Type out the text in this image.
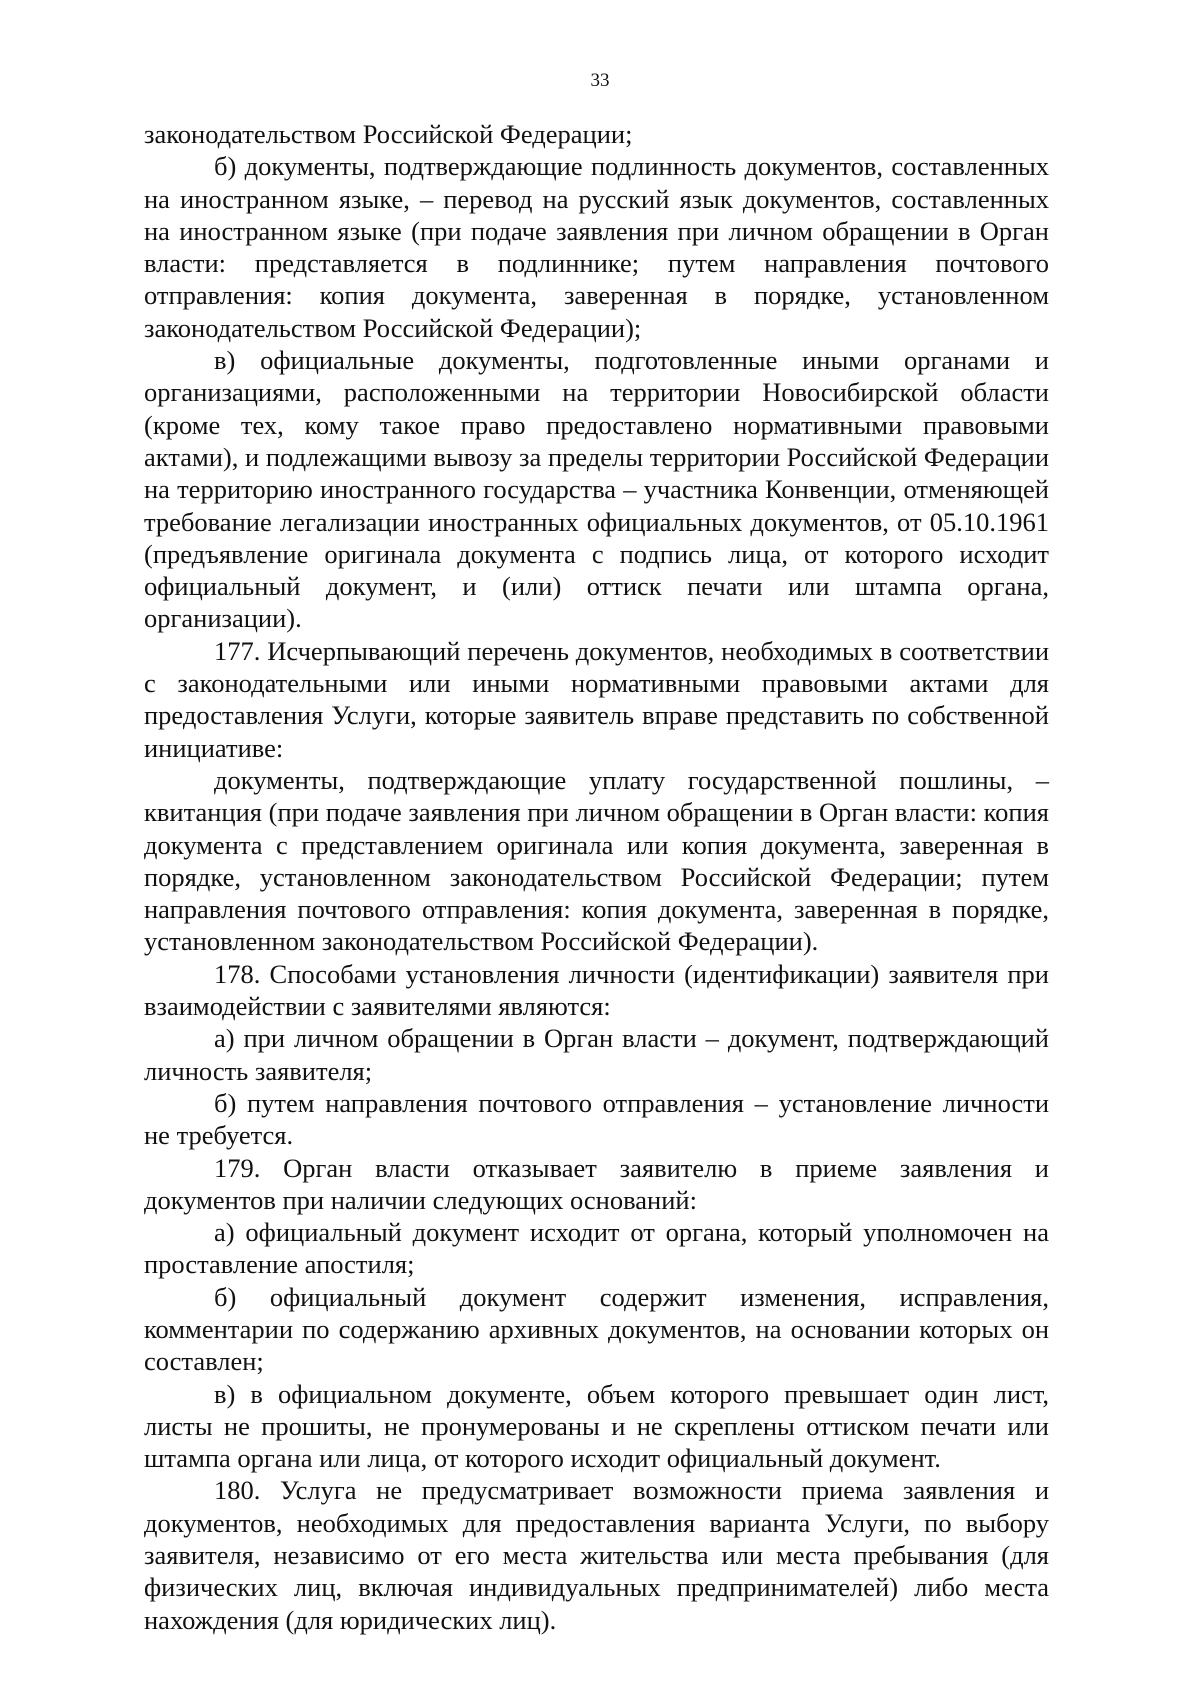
33

законодательством Российской Федерации;

б) документы, подтверждающие подлинность документов, составленных на иностранном языке, – перевод на русский язык документов, составленных на иностранном языке (при подаче заявления при личном обращении в Орган власти: представляется в подлиннике; путем направления почтового отправления: копия документа, заверенная в порядке, установленном законодательством Российской Федерации);

в) официальные документы, подготовленные иными органами и организациями, расположенными на территории Новосибирской области (кроме тех, кому такое право предоставлено нормативными правовыми актами), и подлежащими вывозу за пределы территории Российской Федерации на территорию иностранного государства – участника Конвенции, отменяющей требование легализации иностранных официальных документов, от 05.10.1961 (предъявление оригинала документа с подпись лица, от которого исходит официальный документ, и (или) оттиск печати или штампа органа, организации).

177. Исчерпывающий перечень документов, необходимых в соответствии с законодательными или иными нормативными правовыми актами для предоставления Услуги, которые заявитель вправе представить по собственной инициативе:

документы, подтверждающие уплату государственной пошлины, – квитанция (при подаче заявления при личном обращении в Орган власти: копия документа с представлением оригинала или копия документа, заверенная в порядке, установленном законодательством Российской Федерации; путем направления почтового отправления: копия документа, заверенная в порядке, установленном законодательством Российской Федерации).

178. Способами установления личности (идентификации) заявителя при взаимодействии с заявителями являются:

а) при личном обращении в Орган власти – документ, подтверждающий личность заявителя;

б) путем направления почтового отправления – установление личности не требуется.

179. Орган власти отказывает заявителю в приеме заявления и документов при наличии следующих оснований:

а) официальный документ исходит от органа, который уполномочен на проставление апостиля;

б) официальный документ содержит изменения, исправления, комментарии по содержанию архивных документов, на основании которых он составлен;

в) в официальном документе, объем которого превышает один лист, листы не прошиты, не пронумерованы и не скреплены оттиском печати или штампа органа или лица, от которого исходит официальный документ.

180. Услуга не предусматривает возможности приема заявления и документов, необходимых для предоставления варианта Услуги, по выбору заявителя, независимо от его места жительства или места пребывания (для физических лиц, включая индивидуальных предпринимателей) либо места нахождения (для юридических лиц).
